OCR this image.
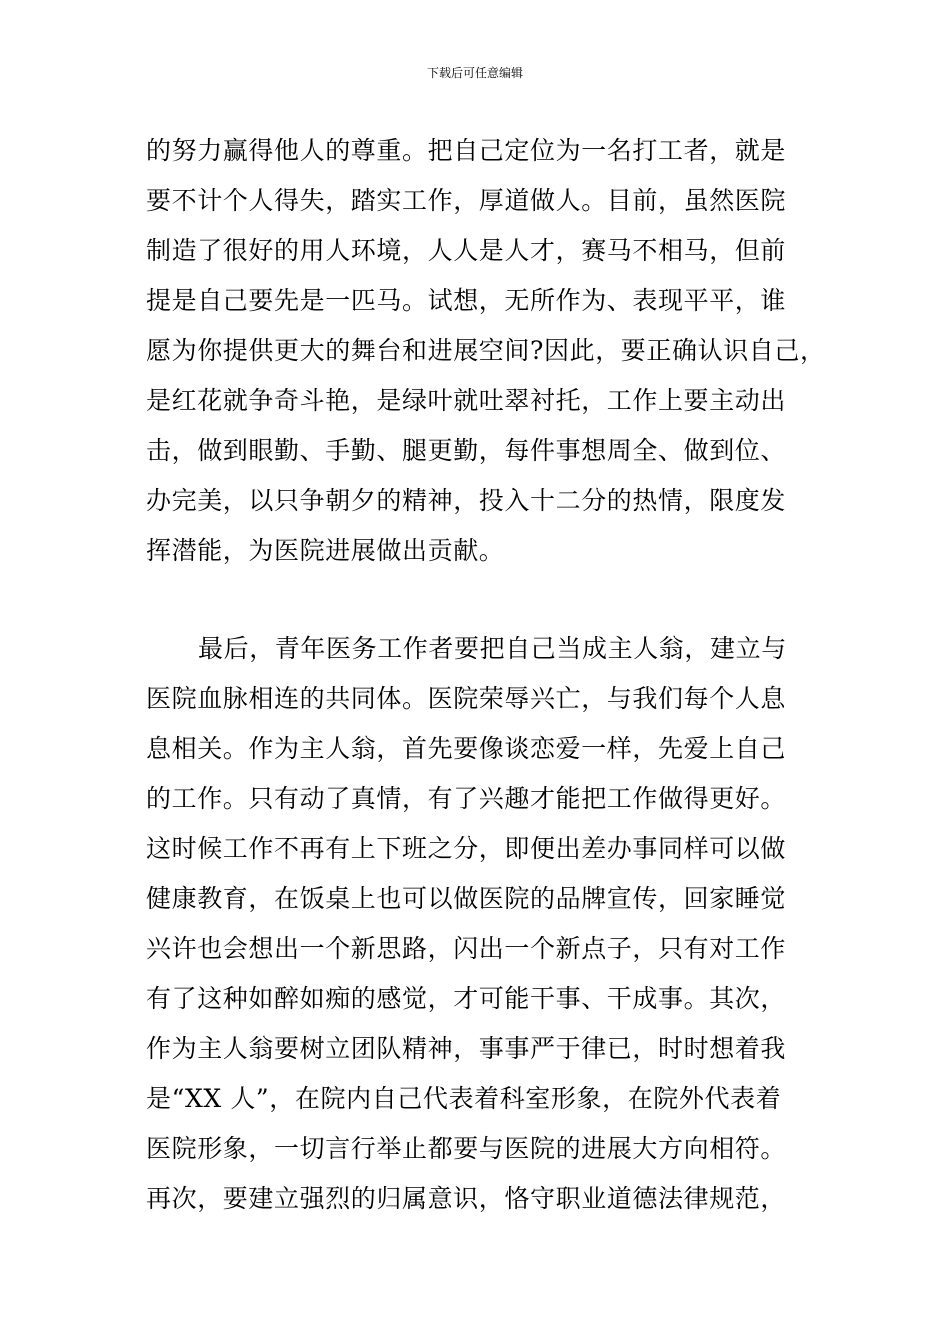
下载后可任意编辑
的努力赢得他人的尊重。把自己定位为一名打工者，就是
要不计个人得失，踏实工作，厚道做人。目前，虽然医院
制造了很好的用人环境，人人是人才，赛马不相马，但前
提是自己要先是一匹马。试想，无所作为、表现平平，谁
愿为你提供更大的舞台和进展空间?因此，要正确认识自己，
是红花就争奇斗艳，是绿叶就吐翠衬托，工作上要主动出
击，做到眼勤、手勤、腿更勤，每件事想周全、做到位、
办完美，以只争朝夕的精神，投入十二分的热情，限度发
挥潜能，为医院进展做出贡献。
最后，青年医务工作者要把自己当成主人翁，建立与
医院血脉相连的共同体。医院荣辱兴亡，与我们每个人息
息相关。作为主人翁，首先要像谈恋爱一样，先爱上自己
的工作。只有动了真情，有了兴趣才能把工作做得更好。
这时候工作不再有上下班之分，即便出差办事同样可以做
健康教育，在饭桌上也可以做医院的品牌宣传，回家睡觉
兴许也会想出一个新思路，闪出一个新点子，只有对工作
有了这种如醉如痴的感觉，才可能干事、干成事。其次，
作为主人翁要树立团队精神，事事严于律已，时时想着我
是“XX 人”，在院内自己代表着科室形象，在院外代表着
医院形象，一切言行举止都要与医院的进展大方向相符。
再次，要建立强烈的归属意识，恪守职业道德法律规范，
